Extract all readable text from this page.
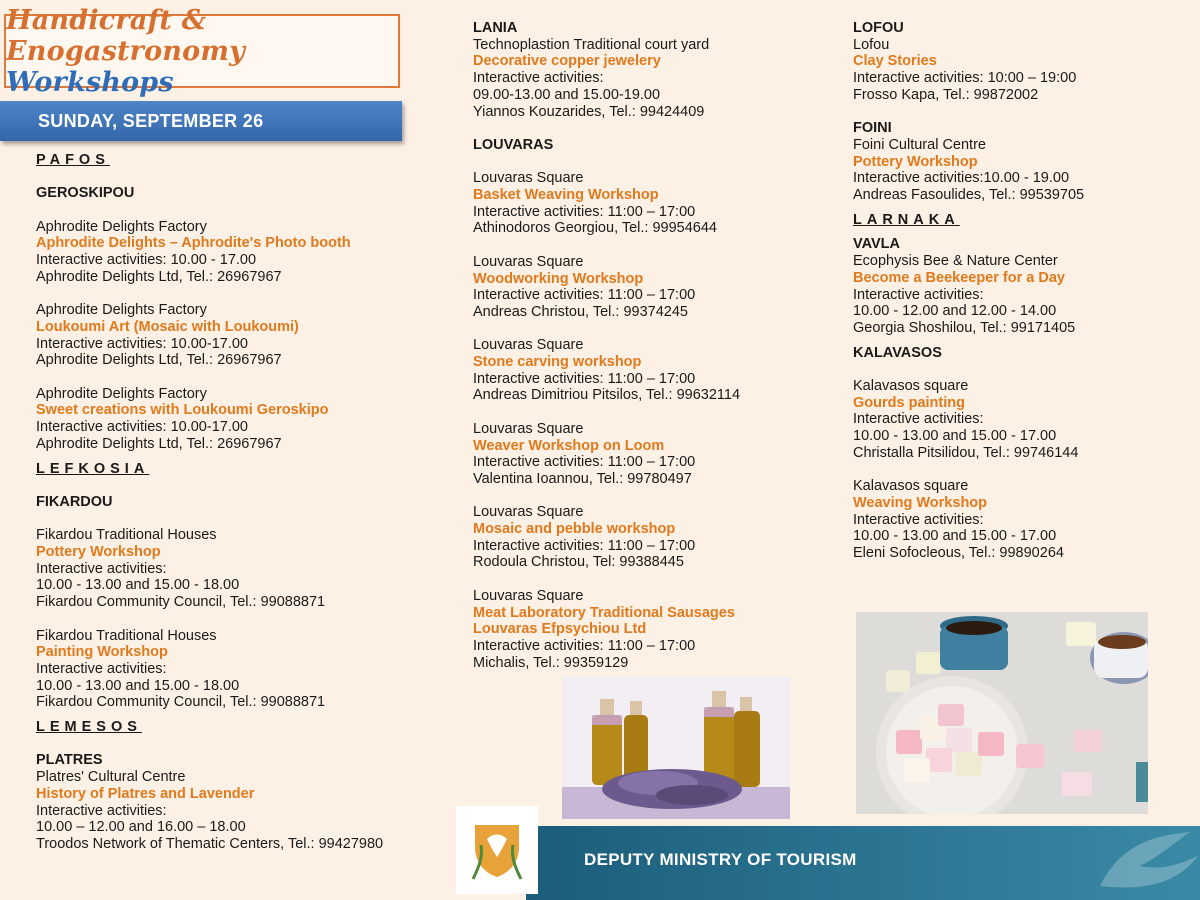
Handicraft & Enogastronomy Workshops
SUNDAY, SEPTEMBER 26

PAFOS

GEROSKIPOU

Aphrodite Delights Factory

Aphrodite Delights – Aphrodite's Photo booth

Interactive activities: 10.00 - 17.00

Aphrodite Delights Ltd, Tel.: 26967967

Aphrodite Delights Factory

Loukoumi Art (Mosaic with Loukoumi)

Interactive activities: 10.00-17.00

Aphrodite Delights Ltd, Tel.: 26967967

Aphrodite Delights Factory

Sweet creations with Loukoumi Geroskipo

Interactive activities: 10.00-17.00

Aphrodite Delights Ltd, Tel.: 26967967

LEFKOSIA

FIKARDOU

Fikardou Traditional Houses

Pottery Workshop

Interactive activities:

10.00 - 13.00 and 15.00 - 18.00

Fikardou Community Council, Tel.: 99088871

Fikardou Traditional Houses

Painting Workshop

Interactive activities:

10.00 - 13.00 and 15.00 - 18.00

Fikardou Community Council, Tel.: 99088871

LEMESOS

PLATRES

Platres' Cultural Centre

History of Platres and Lavender

Interactive activities:

10.00 – 12.00 and 16.00 – 18.00

Troodos Network of Thematic Centers, Tel.: 99427980

LANIA

Technoplastion Traditional court yard

Decorative copper jewelery

Interactive activities:

09.00-13.00 and 15.00-19.00

Yiannos Kouzarides, Tel.: 99424409

LOUVARAS

Louvaras Square

Basket Weaving Workshop

Interactive activities: 11:00 – 17:00

Athinodoros Georgiou, Tel.: 99954644

Louvaras Square

Woodworking Workshop

Interactive activities: 11:00 – 17:00

Andreas Christou, Tel.: 99374245

Louvaras Square

Stone carving workshop

Interactive activities: 11:00 – 17:00

Andreas Dimitriou Pitsilos, Tel.: 99632114

Louvaras Square

Weaver Workshop on Loom

Interactive activities: 11:00 – 17:00

Valentina Ioannou, Tel.: 99780497

Louvaras Square

Mosaic and pebble workshop

Interactive activities: 11:00 – 17:00

Rodoula Christou, Tel: 99388445

Louvaras Square

Meat Laboratory Traditional Sausages

Louvaras Efpsychiou Ltd

Interactive activities: 11:00 – 17:00

Michalis, Tel.: 99359129

LOFOU

Lofou

Clay Stories

Interactive activities: 10:00 – 19:00

Frosso Kapa, Tel.: 99872002

FOINI

Foini Cultural Centre

Pottery Workshop

Interactive activities:10.00 - 19.00

Andreas Fasoulides, Tel.: 99539705

LARNAKA

VAVLA

Ecophysis Bee & Nature Center

Become a Beekeeper for a Day

Interactive activities:

10.00 - 12.00 and 12.00 - 14.00

Georgia Shoshilou, Tel.: 99171405

KALAVASOS

Kalavasos square

Gourds painting

Interactive activities:

10.00 - 13.00 and 15.00 - 17.00

Christalla Pitsilidou, Tel.: 99746144

Kalavasos square

Weaving Workshop

Interactive activities:

10.00 - 13.00 and 15.00 - 17.00

Eleni Sofocleous, Tel.: 99890264

DEPUTY MINISTRY OF TOURISM
